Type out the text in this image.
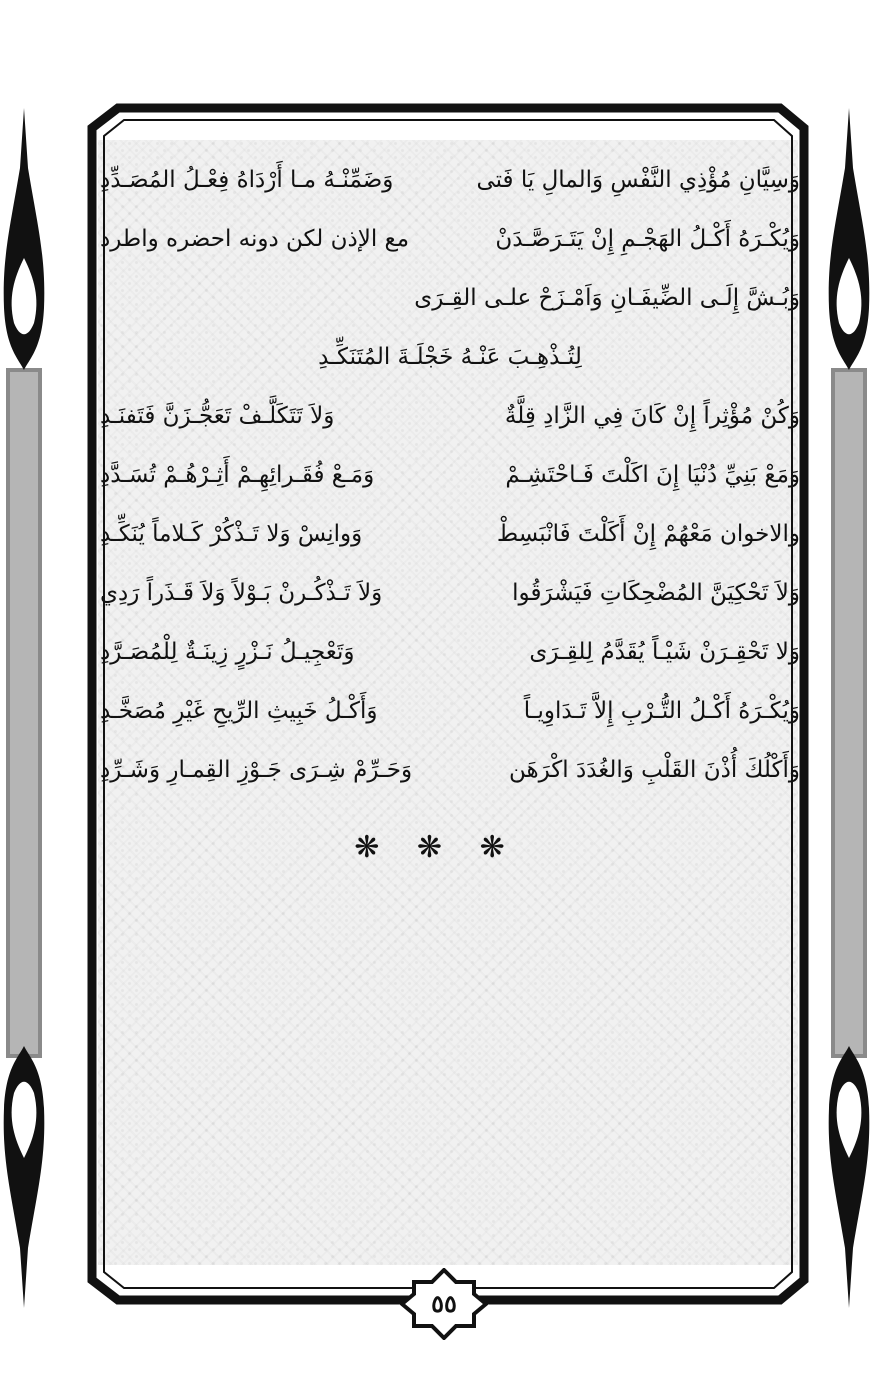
وَسِيَّانِ مُؤْذِي النَّفْسِ وَالمالِ يَا فَتى
وَضَمِّنْـهُ مـا أَرْدَاهُ فِعْـلُ المُصَـدِّدِ
وَيُكْـرَهُ أَكْـلُ الهَجْـمِ إِنْ يَتَـرَصَّـدَنْ
مع الإذن لكن دونه احضره واطرد
وَبُـشَّ إِلَـى الضِّيفَـانِ وَاَمْـزَحْ علـى القِـرَى
لِتُـذْهِـبَ عَنْـهُ خَجْلَـةَ المُتَنَكِّـدِ
وَكُنْ مُؤْثِراً إِنْ كَانَ فِي الزَّادِ قِلَّةٌ
وَلاَ تَتَكَلَّـفْ تَعَجُّـزَنَّ فَتَفنَـدِ
وَمَعْ بَنِيِّ دُنْيَا إِنَ اكَلْتَ فَـاحْتَشِـمْ
وَمَـعْ فُقَـرائِهِـمْ أَثِـرْهُـمْ تُسَـدَّدِ
والاخوان مَعْهُمْ إِنْ أَكَلْتَ فَانْبَسِطْ
وَوانِسْ وَلا تَـذْكُرْ كَـلاماً يُنَكِّـدِ
وَلاَ تَحْكِيَنَّ المُضْحِكَاتِ فَيَشْرَقُوا
وَلاَ تَـذْكُـرنْ بَـوْلاً وَلاَ قَـذَراً رَدِي
وَلا تَحْقِـرَنْ شَيْـاً يُقَدَّمُ لِلقِـرَى
وَتَعْجِيـلُ نَـزْرٍ زِينَـةٌ لِلْمُصَـرَّدِ
وَيُكْـرَهُ أَكْـلُ التُّـرْبِ إِلاَّ تَـدَاوِيـاً
وَأَكْـلُ خَبِيثِ الرِّيحِ غَيْرِ مُصَخَّـدِ
وَأَكْلُكَ أُذْنَ القَلْبِ وَالغُدَدَ اكْرَهَن
وَحَـرِّمْ شِـرَى جَـوْزِ القِمـارِ وَشَـرِّدِ
❋ ❋ ❋
٥٥
